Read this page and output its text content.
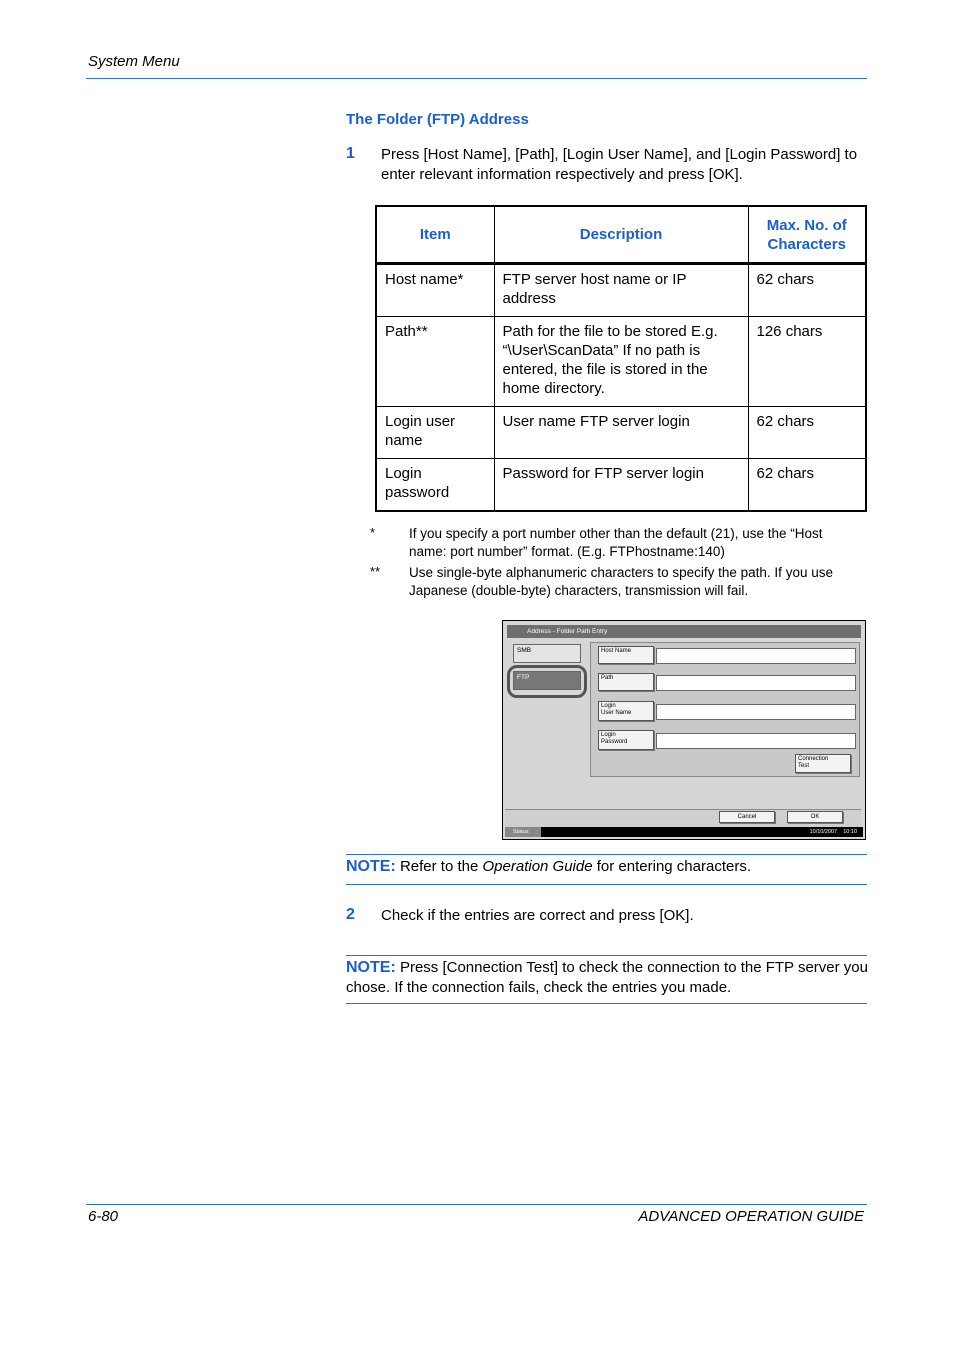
System Menu
The Folder (FTP) Address
1 Press [Host Name], [Path], [Login User Name], and [Login Password] to enter relevant information respectively and press [OK].
Item	Description	Max. No. of Characters
Host name*	FTP server host name or IP address	62 chars
Path**	Path for the file to be stored E.g. “\User\ScanData” If no path is entered, the file is stored in the home directory.	126 chars
Login user name	User name FTP server login	62 chars
Login password	Password for FTP server login	62 chars
*	If you specify a port number other than the default (21), use the “Host name: port number” format. (E.g. FTPhostname:140)
** Use single-byte alphanumeric characters to specify the path. If you use Japanese (double-byte) characters, transmission will fail.
Address - Folder Path Entry
SMB
FTP
Host Name
Path
Login
User Name
Login
Password
Connection
Test
Cancel	OK
Status	10/10/2007    10:10
NOTE: Refer to the Operation Guide for entering characters.
2 Check if the entries are correct and press [OK].
NOTE: Press [Connection Test] to check the connection to the FTP server you chose. If the connection fails, check the entries you made.
6-80	ADVANCED OPERATION GUIDE
